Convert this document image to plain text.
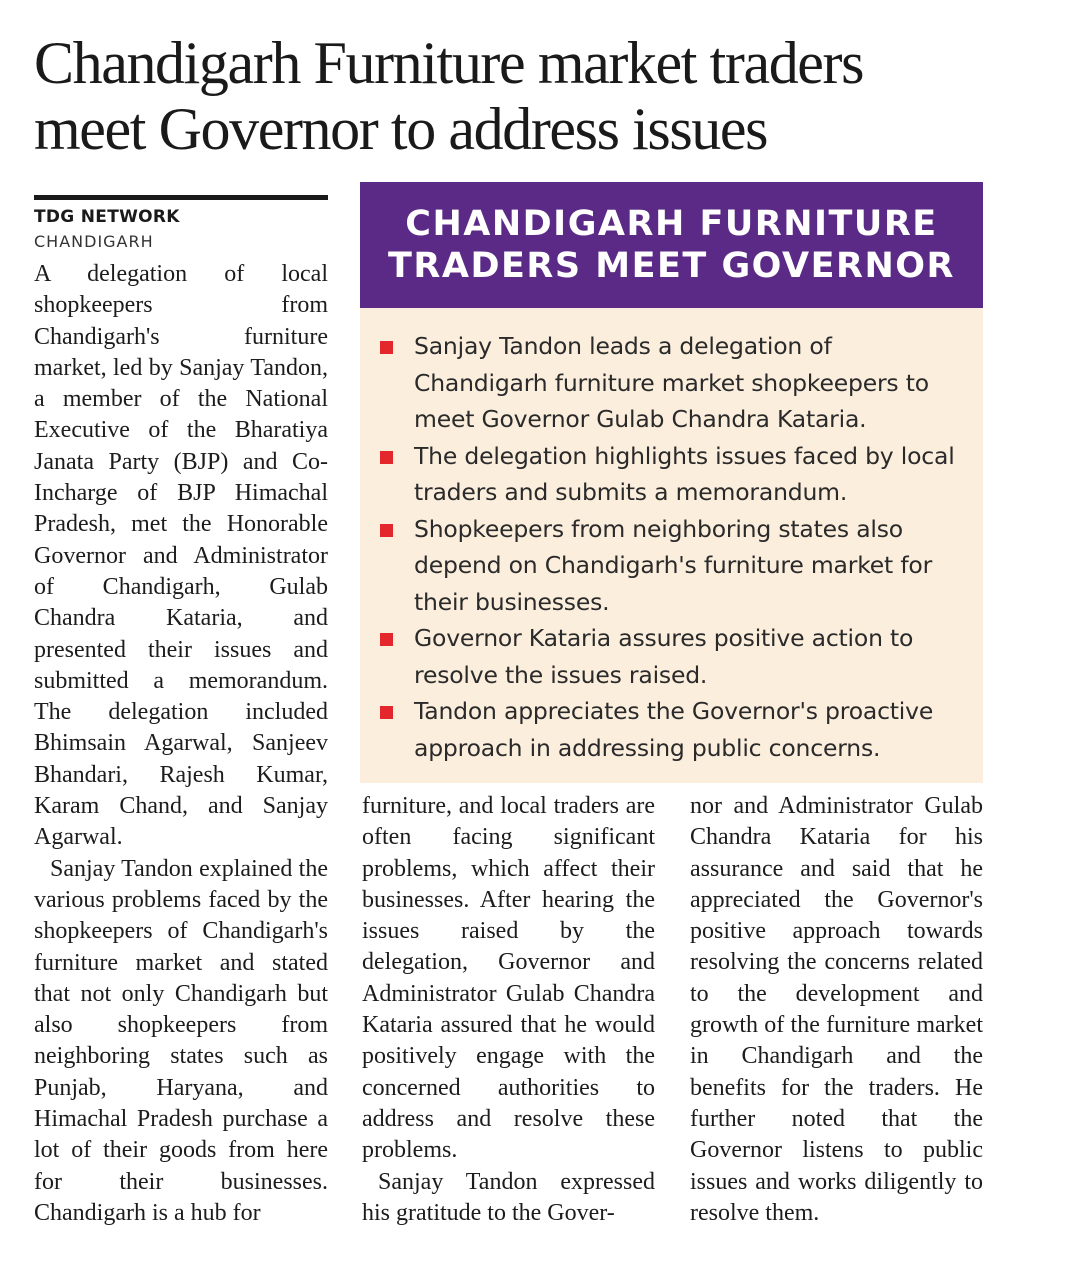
Chandigarh Furniture market traders
meet Governor to address issues
TDG NETWORK
CHANDIGARH

A delegation of local shopkeepers from Chandigarh's furniture market, led by Sanjay Tandon, a member of the National Executive of the Bharatiya Janata Party (BJP) and Co-Incharge of BJP Himachal Pradesh, met the Honorable Governor and Administrator of Chandigarh, Gulab Chandra Kataria, and presented their issues and submitted a memorandum. The delegation included Bhimsain Agarwal, Sanjeev Bhandari, Rajesh Kumar, Karam Chand, and Sanjay Agarwal.

Sanjay Tandon explained the various problems faced by the shopkeepers of Chandigarh's furniture market and stated that not only Chandigarh but also shopkeepers from neighboring states such as Punjab, Haryana, and Himachal Pradesh purchase a lot of their goods from here for their businesses. Chandigarh is a hub for

CHANDIGARH FURNITURE
TRADERS MEET GOVERNOR
Sanjay Tandon leads a delegation of Chandigarh furniture market shopkeepers to meet Governor Gulab Chandra Kataria.
The delegation highlights issues faced by local traders and submits a memorandum.
Shopkeepers from neighboring states also depend on Chandigarh's furniture market for their businesses.
Governor Kataria assures positive action to resolve the issues raised.
Tandon appreciates the Governor's proactive approach in addressing public concerns.

furniture, and local traders are often facing significant problems, which affect their businesses. After hearing the issues raised by the delegation, Governor and Administrator Gulab Chandra Kataria assured that he would positively engage with the concerned authorities to address and resolve these problems.

Sanjay Tandon expressed his gratitude to the Gover-

nor and Administrator Gulab Chandra Kataria for his assurance and said that he appreciated the Governor's positive approach towards resolving the concerns related to the development and growth of the furniture market in Chandigarh and the benefits for the traders. He further noted that the Governor listens to public issues and works diligently to resolve them.
